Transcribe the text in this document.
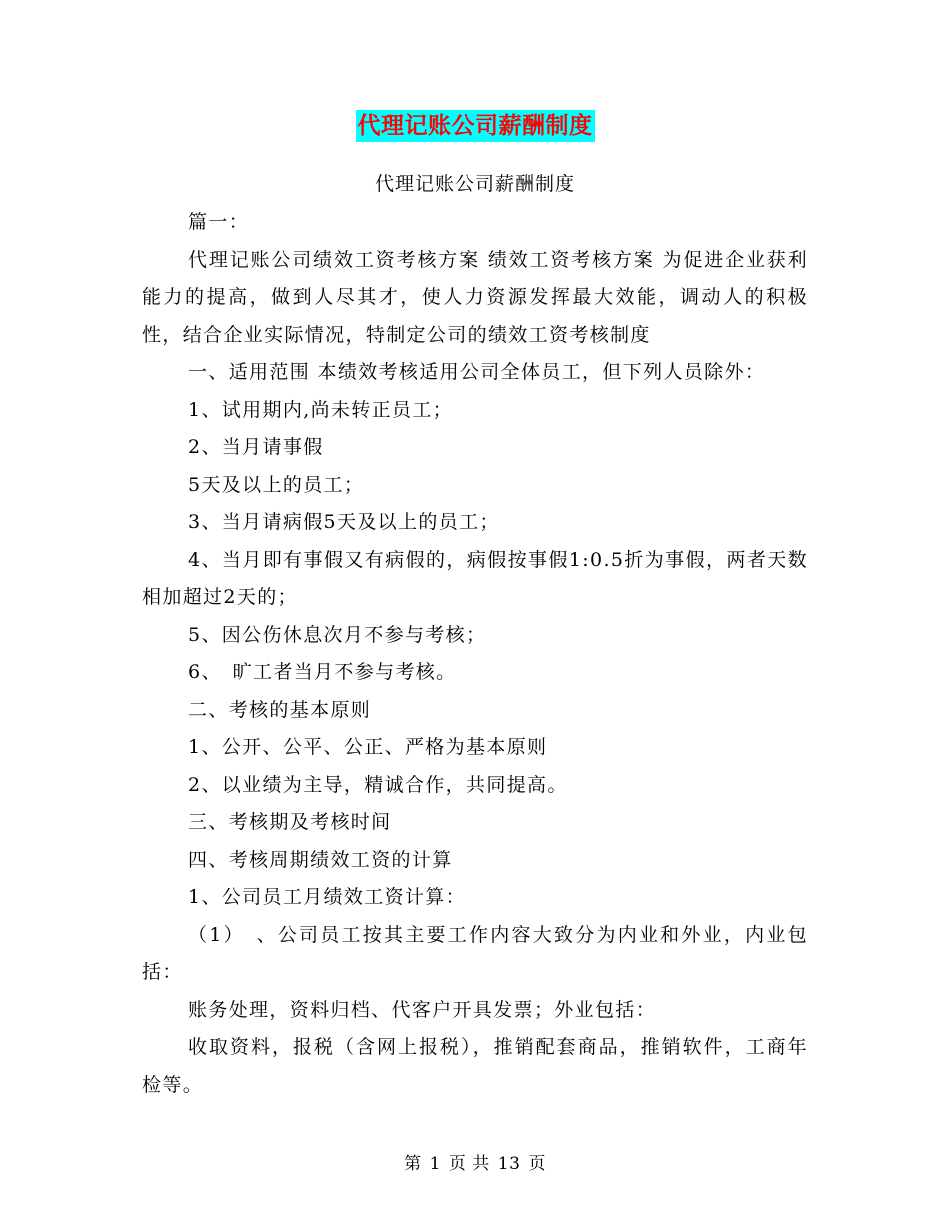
代理记账公司薪酬制度
代理记账公司薪酬制度

篇一：

代理记账公司绩效工资考核方案 绩效工资考核方案 为促进企业获利能力的提高，做到人尽其才，使人力资源发挥最大效能，调动人的积极性，结合企业实际情况，特制定公司的绩效工资考核制度

一、适用范围 本绩效考核适用公司全体员工，但下列人员除外：

1、试用期内,尚未转正员工；

2、当月请事假

5天及以上的员工；

3、当月请病假5天及以上的员工；

4、当月即有事假又有病假的，病假按事假1:0.5折为事假，两者天数相加超过2天的；

5、因公伤休息次月不参与考核；

6、　旷工者当月不参与考核。

二、考核的基本原则

1、公开、公平、公正、严格为基本原则

2、以业绩为主导，精诚合作，共同提高。

三、考核期及考核时间

四、考核周期绩效工资的计算

1、公司员工月绩效工资计算：

（1）　、公司员工按其主要工作内容大致分为内业和外业，内业包括：

账务处理，资料归档、代客户开具发票；外业包括：

收取资料，报税（含网上报税），推销配套商品，推销软件，工商年检等。

第 1 页 共 13 页
